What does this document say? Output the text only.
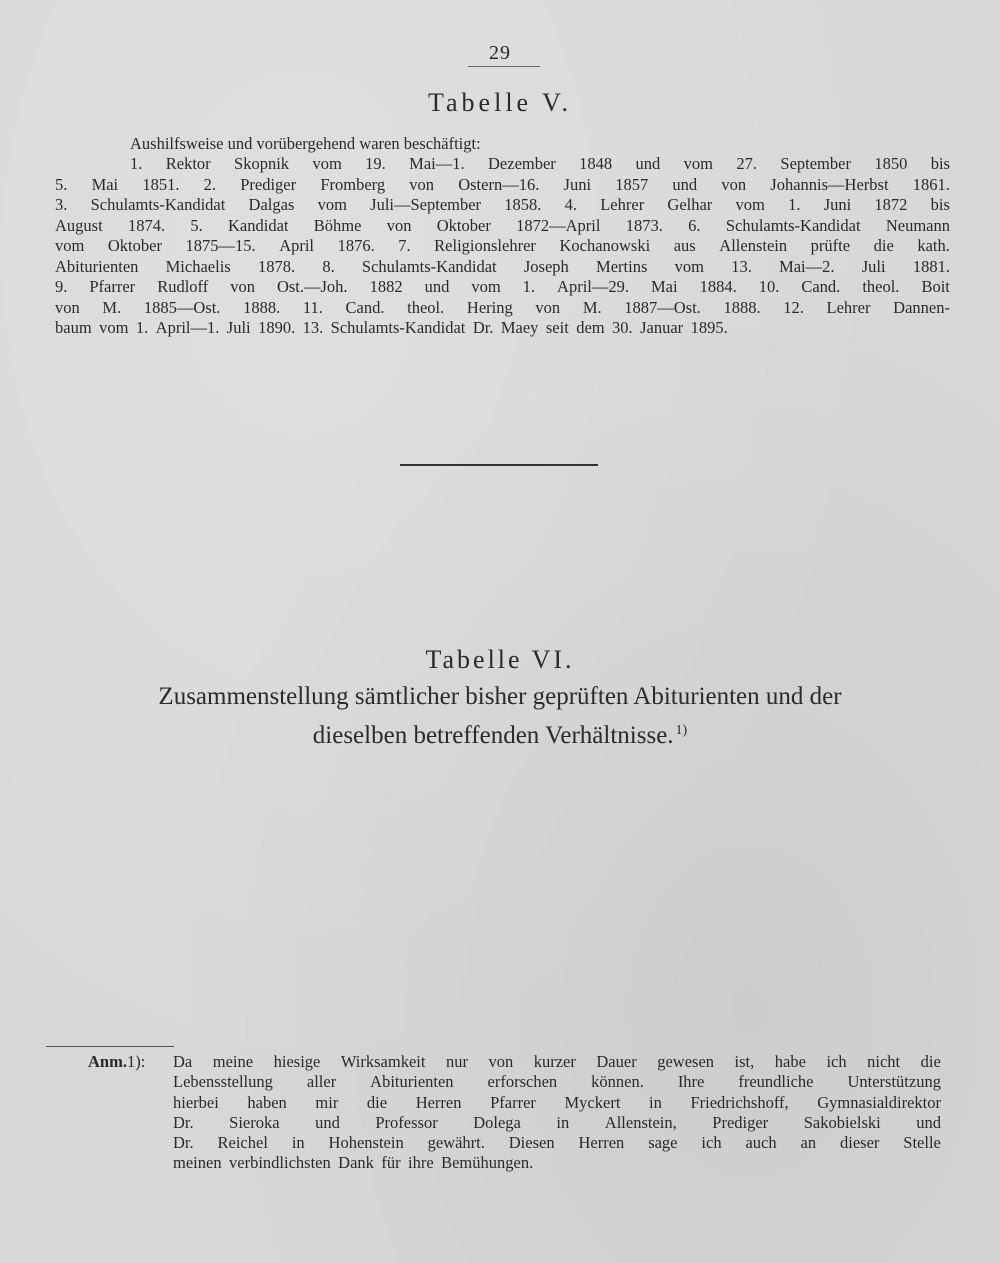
29
Tabelle V.
Aushilfsweise und vorübergehend waren beschäftigt:
1. Rektor Skopnik vom 19. Mai—1. Dezember 1848 und vom 27. September 1850 bis
5. Mai 1851. 2. Prediger Fromberg von Ostern—16. Juni 1857 und von Johannis—Herbst 1861.
3. Schulamts-Kandidat Dalgas vom Juli—September 1858. 4. Lehrer Gelhar vom 1. Juni 1872 bis
August 1874. 5. Kandidat Böhme von Oktober 1872—April 1873. 6. Schulamts-Kandidat Neumann
vom Oktober 1875—15. April 1876. 7. Religionslehrer Kochanowski aus Allenstein prüfte die kath.
Abiturienten Michaelis 1878. 8. Schulamts-Kandidat Joseph Mertins vom 13. Mai—2. Juli 1881.
9. Pfarrer Rudloff von Ost.—Joh. 1882 und vom 1. April—29. Mai 1884. 10. Cand. theol. Boit
von M. 1885—Ost. 1888. 11. Cand. theol. Hering von M. 1887—Ost. 1888. 12. Lehrer Dannen-
baum vom 1. April—1. Juli 1890. 13. Schulamts-Kandidat Dr. Maey seit dem 30. Januar 1895.
Tabelle VI.
Zusammenstellung sämtlicher bisher geprüften Abiturienten und der
dieselben betreffenden Verhältnisse. $^{1)}$
Anm.1): Da meine hiesige Wirksamkeit nur von kurzer Dauer gewesen ist, habe ich nicht die
Lebensstellung aller Abiturienten erforschen können. Ihre freundliche Unterstützung
hierbei haben mir die Herren Pfarrer Myckert in Friedrichshoff, Gymnasialdirektor
Dr. Sieroka und Professor Dolega in Allenstein, Prediger Sakobielski und
Dr. Reichel in Hohenstein gewährt. Diesen Herren sage ich auch an dieser Stelle
meinen verbindlichsten Dank für ihre Bemühungen.
